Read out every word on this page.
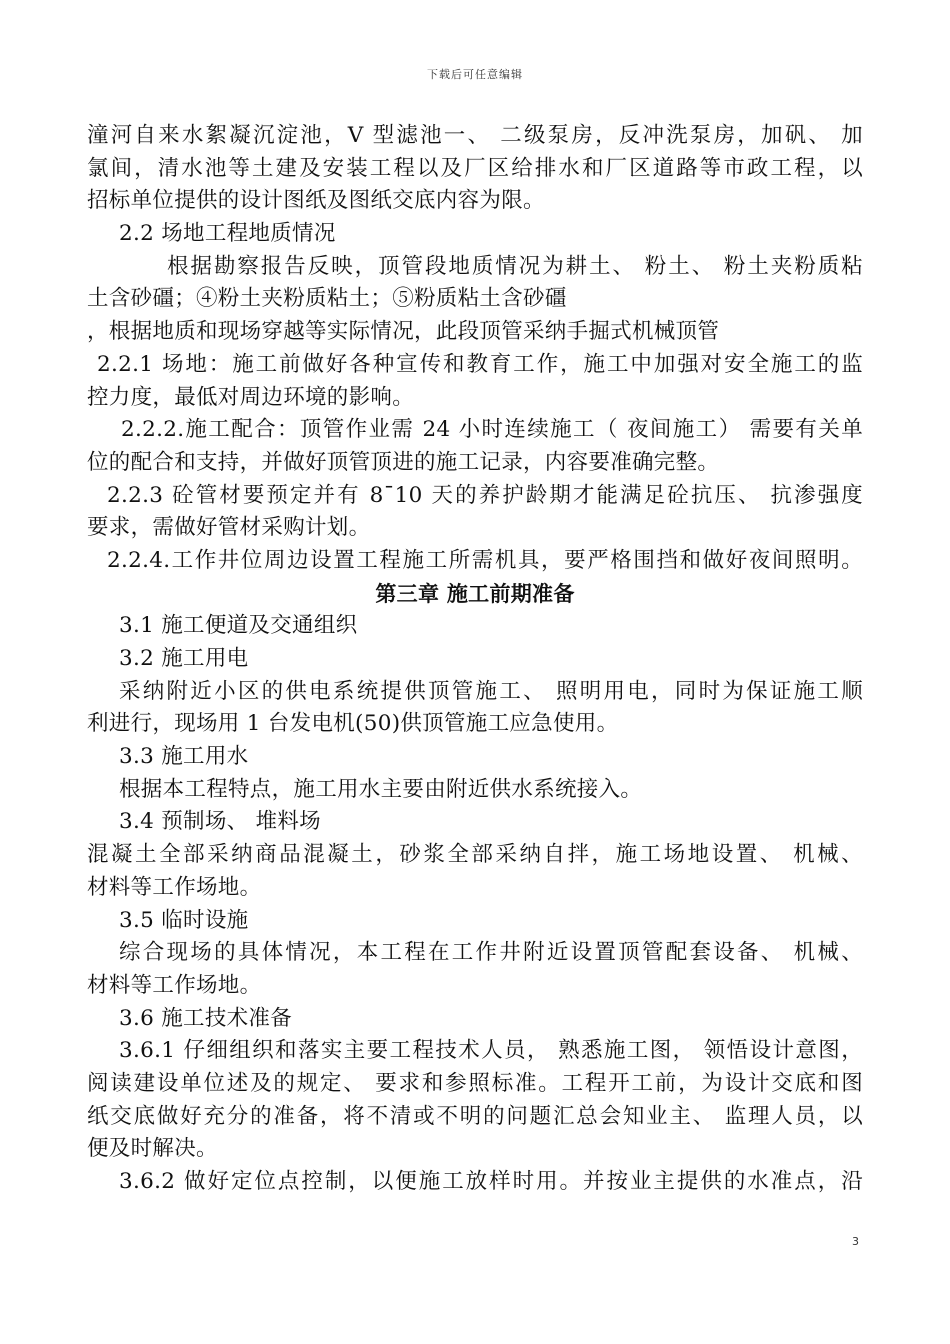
下载后可任意编辑
潼河自来水絮凝沉淀池，V 型滤池一、 二级泵房，反冲洗泵房，加矾、 加
氯间，清水池等土建及安装工程以及厂区给排水和厂区道路等市政工程，以
招标单位提供的设计图纸及图纸交底内容为限。
2.2 场地工程地质情况
根据勘察报告反映，顶管段地质情况为耕土、 粉土、 粉土夹粉质粘
土含砂礓；④粉土夹粉质粘土；⑤粉质粘土含砂礓
，根据地质和现场穿越等实际情况，此段顶管采纳手掘式机械顶管
2.2.1 场地：施工前做好各种宣传和教育工作，施工中加强对安全施工的监
控力度，最低对周边环境的影响。
2.2.2.施工配合：顶管作业需 24 小时连续施工（ 夜间施工） 需要有关单
位的配合和支持，并做好顶管顶进的施工记录，内容要准确完整。
2.2.3 砼管材要预定并有 8¯10 天的养护龄期才能满足砼抗压、 抗渗强度
要求，需做好管材采购计划。
2.2.4.工作井位周边设置工程施工所需机具，要严格围挡和做好夜间照明。
第三章 施工前期准备
3.1 施工便道及交通组织
3.2 施工用电
采纳附近小区的供电系统提供顶管施工、 照明用电，同时为保证施工顺
利进行，现场用 1 台发电机(50)供顶管施工应急使用。
3.3 施工用水
根据本工程特点，施工用水主要由附近供水系统接入。
3.4 预制场、 堆料场
混凝土全部采纳商品混凝土，砂浆全部采纳自拌，施工场地设置、 机械、
材料等工作场地。
3.5 临时设施
综合现场的具体情况，本工程在工作井附近设置顶管配套设备、 机械、
材料等工作场地。
3.6 施工技术准备
3.6.1 仔细组织和落实主要工程技术人员， 熟悉施工图， 领悟设计意图，
阅读建设单位述及的规定、 要求和参照标准。工程开工前，为设计交底和图
纸交底做好充分的准备，将不清或不明的问题汇总会知业主、 监理人员，以
便及时解决。
3.6.2 做好定位点控制，以便施工放样时用。并按业主提供的水准点，沿
3
